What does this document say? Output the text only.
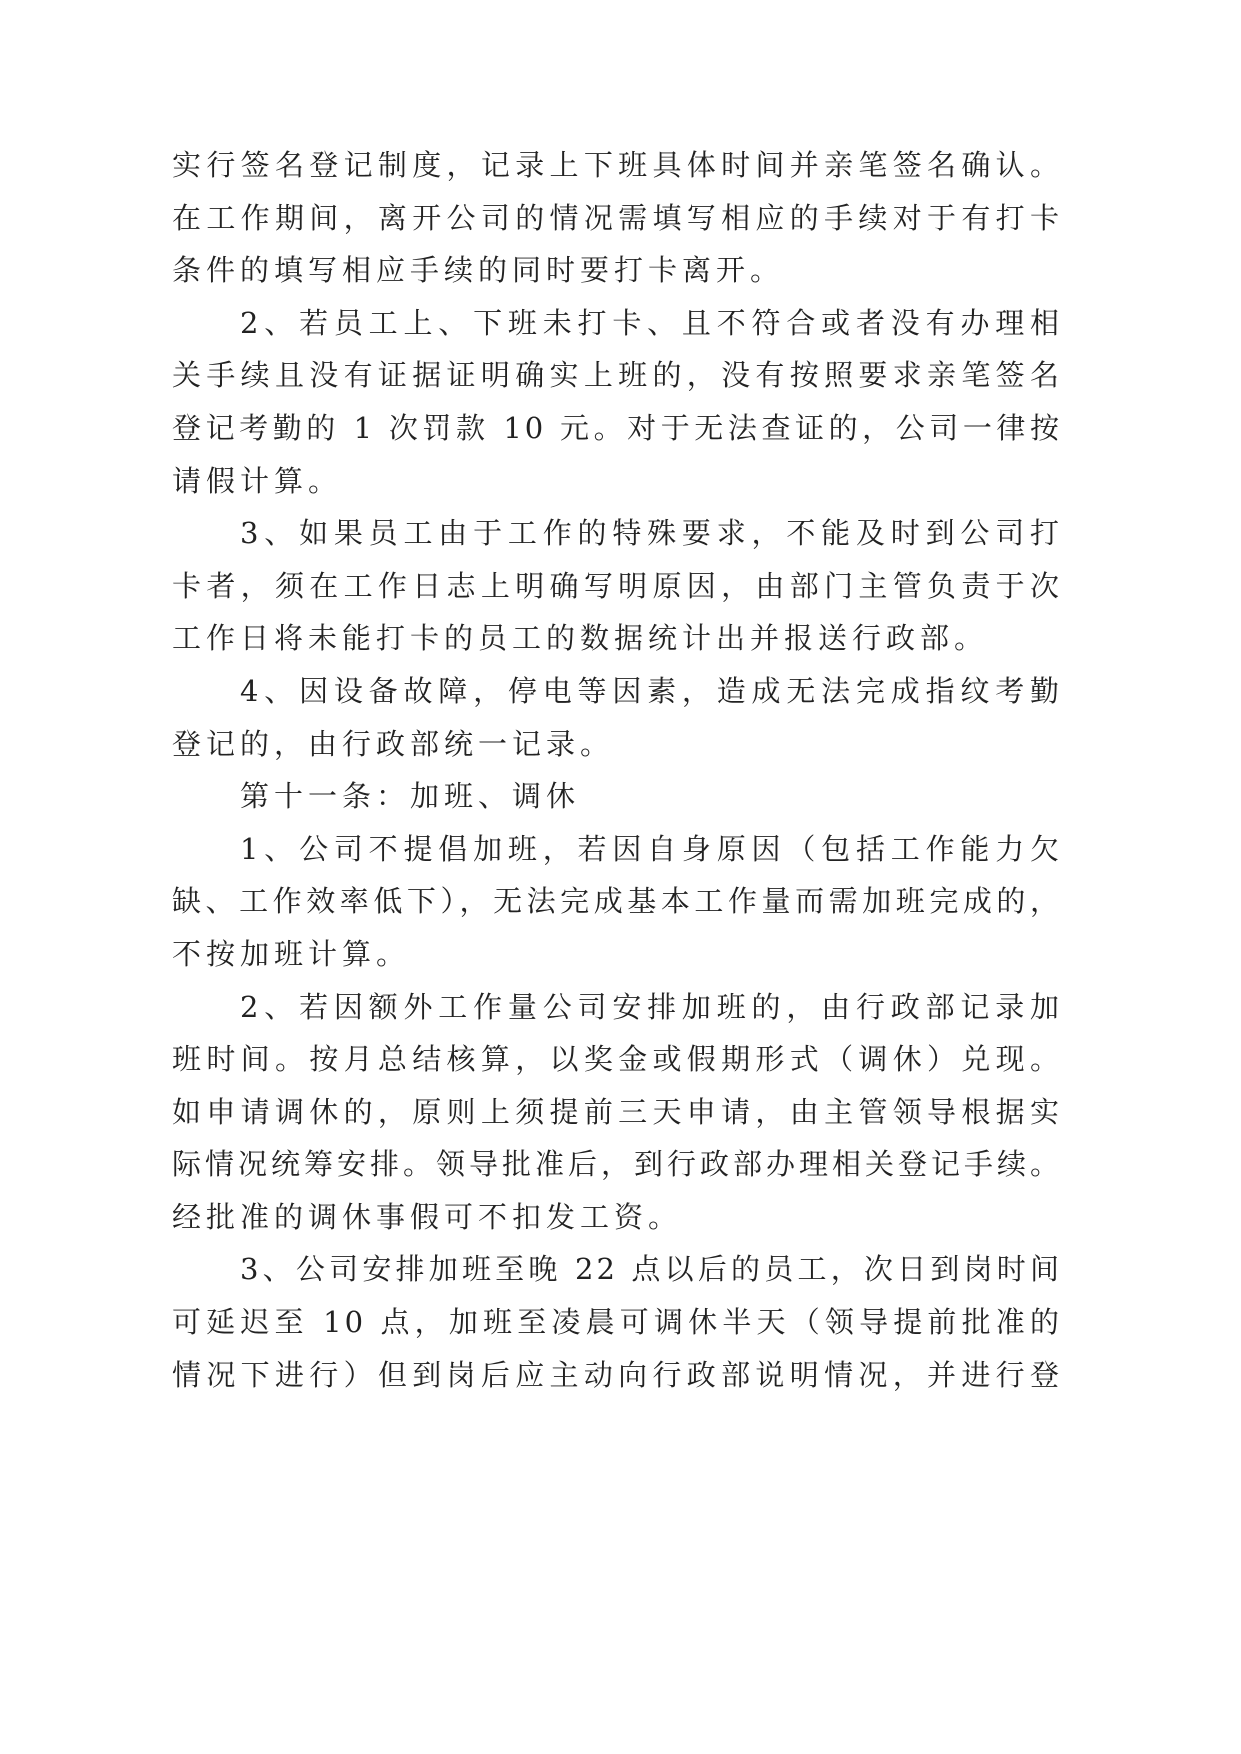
实行签名登记制度，记录上下班具体时间并亲笔签名确认。
在工作期间，离开公司的情况需填写相应的手续对于有打卡
条件的填写相应手续的同时要打卡离开。
2、若员工上、下班未打卡、且不符合或者没有办理相
关手续且没有证据证明确实上班的，没有按照要求亲笔签名
登记考勤的 1 次罚款 10 元。对于无法查证的，公司一律按
请假计算。
3、如果员工由于工作的特殊要求，不能及时到公司打
卡者，须在工作日志上明确写明原因，由部门主管负责于次
工作日将未能打卡的员工的数据统计出并报送行政部。
4、因设备故障，停电等因素，造成无法完成指纹考勤
登记的，由行政部统一记录。
第十一条：加班、调休
1、公司不提倡加班，若因自身原因（包括工作能力欠
缺、工作效率低下），无法完成基本工作量而需加班完成的，
不按加班计算。
2、若因额外工作量公司安排加班的，由行政部记录加
班时间。按月总结核算，以奖金或假期形式（调休）兑现。
如申请调休的，原则上须提前三天申请，由主管领导根据实
际情况统筹安排。领导批准后，到行政部办理相关登记手续。
经批准的调休事假可不扣发工资。
3、公司安排加班至晚 22 点以后的员工，次日到岗时间
可延迟至 10 点，加班至凌晨可调休半天（领导提前批准的
情况下进行）但到岗后应主动向行政部说明情况，并进行登
